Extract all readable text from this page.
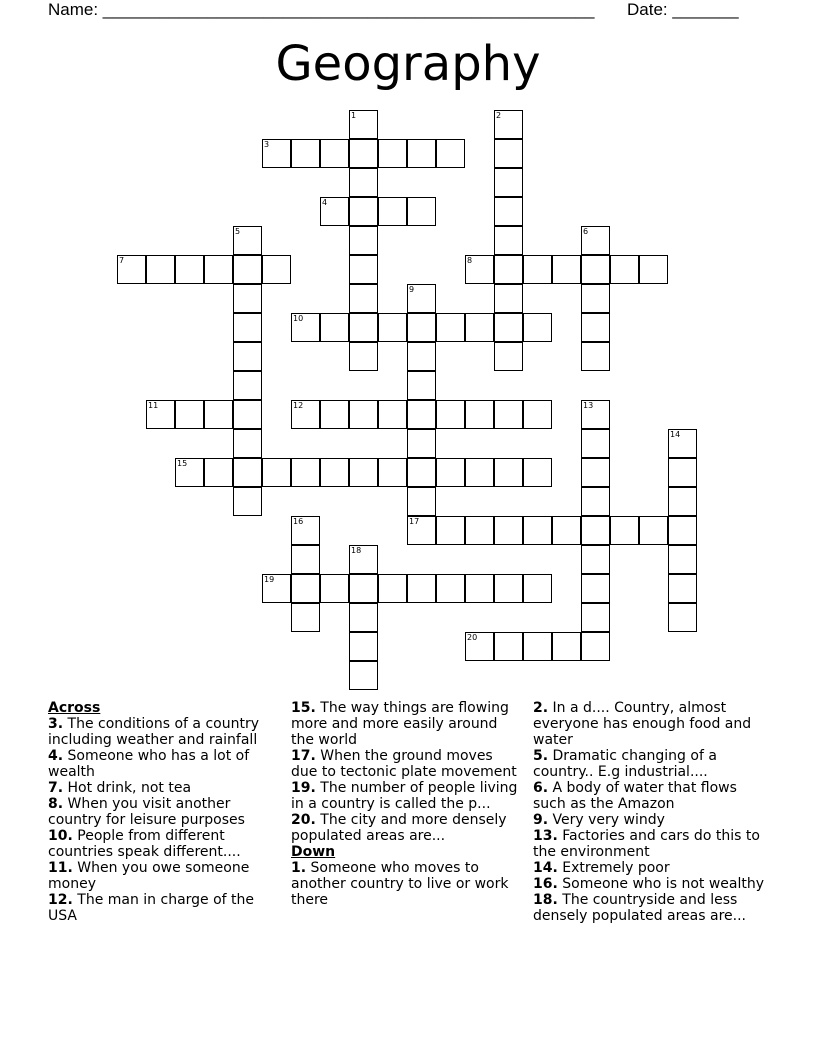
Name: ____________________________________________________ Date: _______
Geography
1	2
3
4
5	6
7	8
9
10
11	12	13
14
15
16	17
18
19
20
Across
3. The conditions of a country including weather and rainfall
4. Someone who has a lot of wealth
7. Hot drink, not tea
8. When you visit another country for leisure purposes
10. People from different countries speak different....
11. When you owe someone money
12. The man in charge of the USA
15. The way things are flowing more and more easily around the world
17. When the ground moves due to tectonic plate movement
19. The number of people living in a country is called the p...
20. The city and more densely populated areas are...
Down
1. Someone who moves to another country to live or work there
2. In a d.... Country, almost everyone has enough food and water
5. Dramatic changing of a country.. E.g industrial....
6. A body of water that flows such as the Amazon
9. Very very windy
13. Factories and cars do this to the environment
14. Extremely poor
16. Someone who is not wealthy
18. The countryside and less densely populated areas are...
